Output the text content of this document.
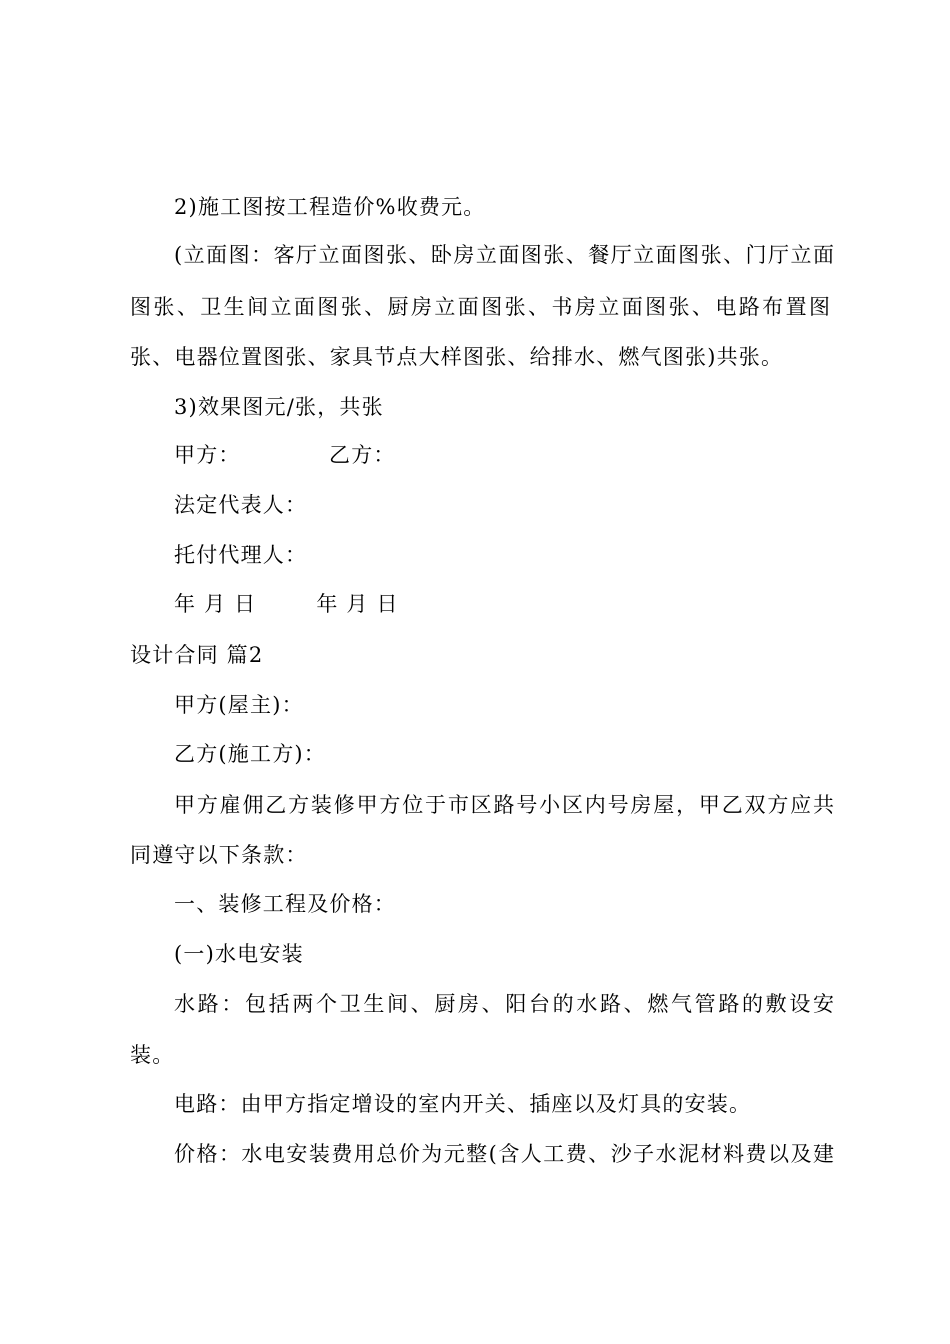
2)施工图按工程造价%收费元。
(立面图：客厅立面图张、卧房立面图张、餐厅立面图张、门厅立面
图张、卫生间立面图张、厨房立面图张、书房立面图张、电路布置图
张、电器位置图张、家具节点大样图张、给排水、燃气图张)共张。
3)效果图元/张，共张
甲方：	乙方：
法定代表人：
托付代理人：
年 月 日	年 月 日
设计合同 篇2
甲方(屋主)：
乙方(施工方)：
甲方雇佣乙方装修甲方位于市区路号小区内号房屋，甲乙双方应共
同遵守以下条款：
一、装修工程及价格：
(一)水电安装
水路：包括两个卫生间、厨房、阳台的水路、燃气管路的敷设安
装。
电路：由甲方指定增设的室内开关、插座以及灯具的安装。
价格：水电安装费用总价为元整(含人工费、沙子水泥材料费以及建
